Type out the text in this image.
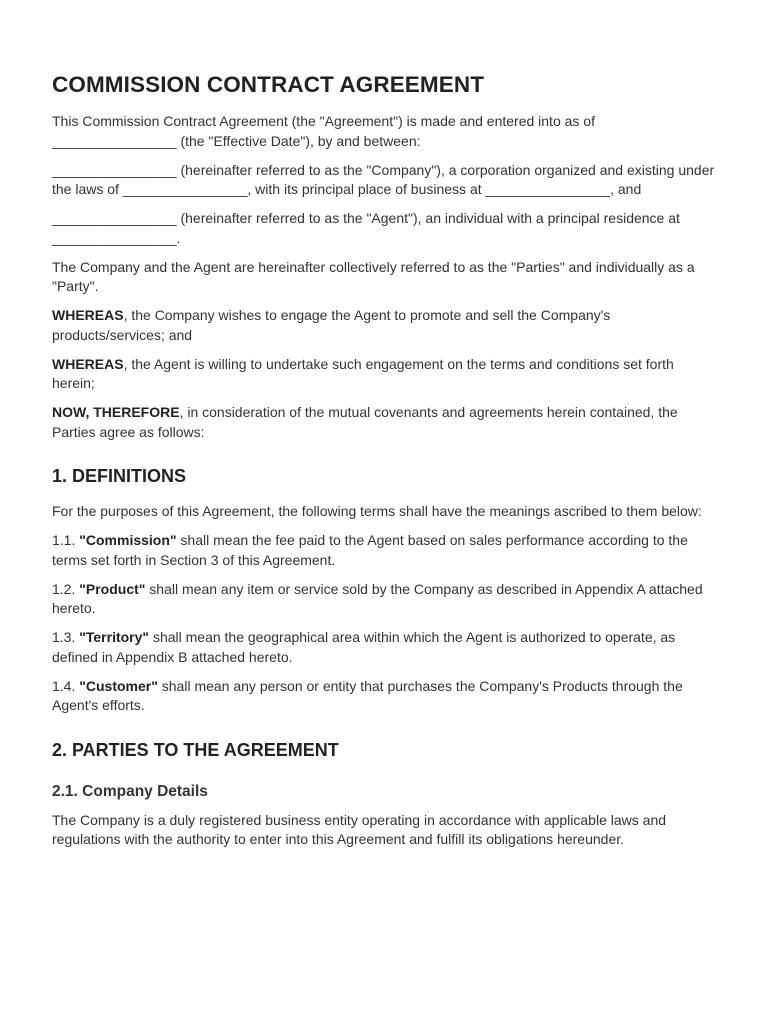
COMMISSION CONTRACT AGREEMENT

This Commission Contract Agreement (the "Agreement") is made and entered into as of ________________ (the "Effective Date"), by and between:

________________ (hereinafter referred to as the "Company"), a corporation organized and existing under the laws of ________________, with its principal place of business at ________________, and

________________ (hereinafter referred to as the "Agent"), an individual with a principal residence at ________________.

The Company and the Agent are hereinafter collectively referred to as the "Parties" and individually as a "Party".

WHEREAS, the Company wishes to engage the Agent to promote and sell the Company's products/services; and

WHEREAS, the Agent is willing to undertake such engagement on the terms and conditions set forth herein;

NOW, THEREFORE, in consideration of the mutual covenants and agreements herein contained, the Parties agree as follows:

1. DEFINITIONS

For the purposes of this Agreement, the following terms shall have the meanings ascribed to them below:

1.1. "Commission" shall mean the fee paid to the Agent based on sales performance according to the terms set forth in Section 3 of this Agreement.

1.2. "Product" shall mean any item or service sold by the Company as described in Appendix A attached hereto.

1.3. "Territory" shall mean the geographical area within which the Agent is authorized to operate, as defined in Appendix B attached hereto.

1.4. "Customer" shall mean any person or entity that purchases the Company's Products through the Agent's efforts.

2. PARTIES TO THE AGREEMENT
2.1. Company Details

The Company is a duly registered business entity operating in accordance with applicable laws and regulations with the authority to enter into this Agreement and fulfill its obligations hereunder.
